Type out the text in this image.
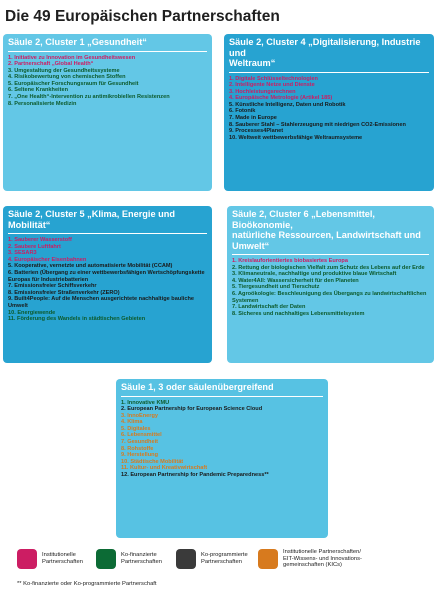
Die 49 Europäischen Partnerschaften
Säule 2, Cluster 1 „Gesundheit“
1. Initiative zu Innovation im Gesundheitswesen
2. Partnerschaft „Global Health“
3. Umgestaltung der Gesundheitssysteme
4. Risikobewertung von chemischen Stoffen
5. Europäischer Forschungsraum für Gesundheit
6. Seltene Krankheiten
7. „One Health“-Intervention zu antimikrobiellen Resistenzen
8. Personalisierte Medizin
Säule 2, Cluster 4 „Digitalisierung, Industrie und
Weltraum“
1. Digitale Schlüsseltechnologien
2. Intelligente Netze und Dienste
3. Hochleistungsrechnen
4. Europäische Metrologie (Artikel 185)
5. Künstliche Intelligenz, Daten und Robotik
6. Fotonik
7. Made in Europe
8. Sauberer Stahl – Stahlerzeugung mit niedrigen CO2-Emissionen
9. Processes4Planet
10. Weltweit wettbewerbsfähige Weltraumsysteme
Säule 2, Cluster 5 „Klima, Energie und Mobilität“
1. Sauberer Wasserstoff
2. Saubere Luftfahrt
3. SESAR3
4. Europäischer Eisenbahnen
5. Kooperative, vernetzte und automatisierte Mobilität (CCAM)
6. Batterien (Übergang zu einer wettbewerbsfähigen Wertschöpfungskette Europas für Industriebatterien
7. Emissionsfreier Schiffsverkehr
8. Emissionsfreier Straßenverkehr (ZERO)
9. Built4People: Auf die Menschen ausgerichtete nachhaltige bauliche Umwelt
10. Energiewende
11. Förderung des Wandels in städtischen Gebieten
Säule 2, Cluster 6 „Lebensmittel, Bioökonomie,
natürliche Ressourcen, Landwirtschaft und
Umwelt“
1. Kreislauforientiertes biobasiertes Europa
2. Rettung der biologischen Vielfalt zum Schutz des Lebens auf der Erde
3. Klimaneutrale, nachhaltige und produktive blaue Wirtschaft
4. Water4All: Wassersicherheit für den Planeten
5. Tiergesundheit und Tierschutz
6. Agroökologie: Beschleunigung des Übergangs zu landwirtschaftlichen Systemen
7. Landwirtschaft der Daten
8. Sicheres und nachhaltiges Lebensmittelsystem
Säule 1, 3 oder säulenübergreifend
1. Innovative KMU
2. European Partnership for European Science Cloud
3. InnoEnergy
4. Klima
5. Digitales
6. Lebensmittel
7. Gesundheit
8. Rohstoffe
9. Herstellung
10. Städtische Mobilität
11. Kultur- und Kreativwirtschaft
12. European Partnership for Pandemic Preparedness**
Institutionelle
Partnerschaften
Ko-finanzierte
Partnerschaften
Ko-programmierte
Partnerschaften
Institutionelle Partnerschaften/
EIT-Wissens- und Innovations-
gemeinschaften (KICs)
** Ko-finanzierte oder Ko-programmierte Partnerschaft
